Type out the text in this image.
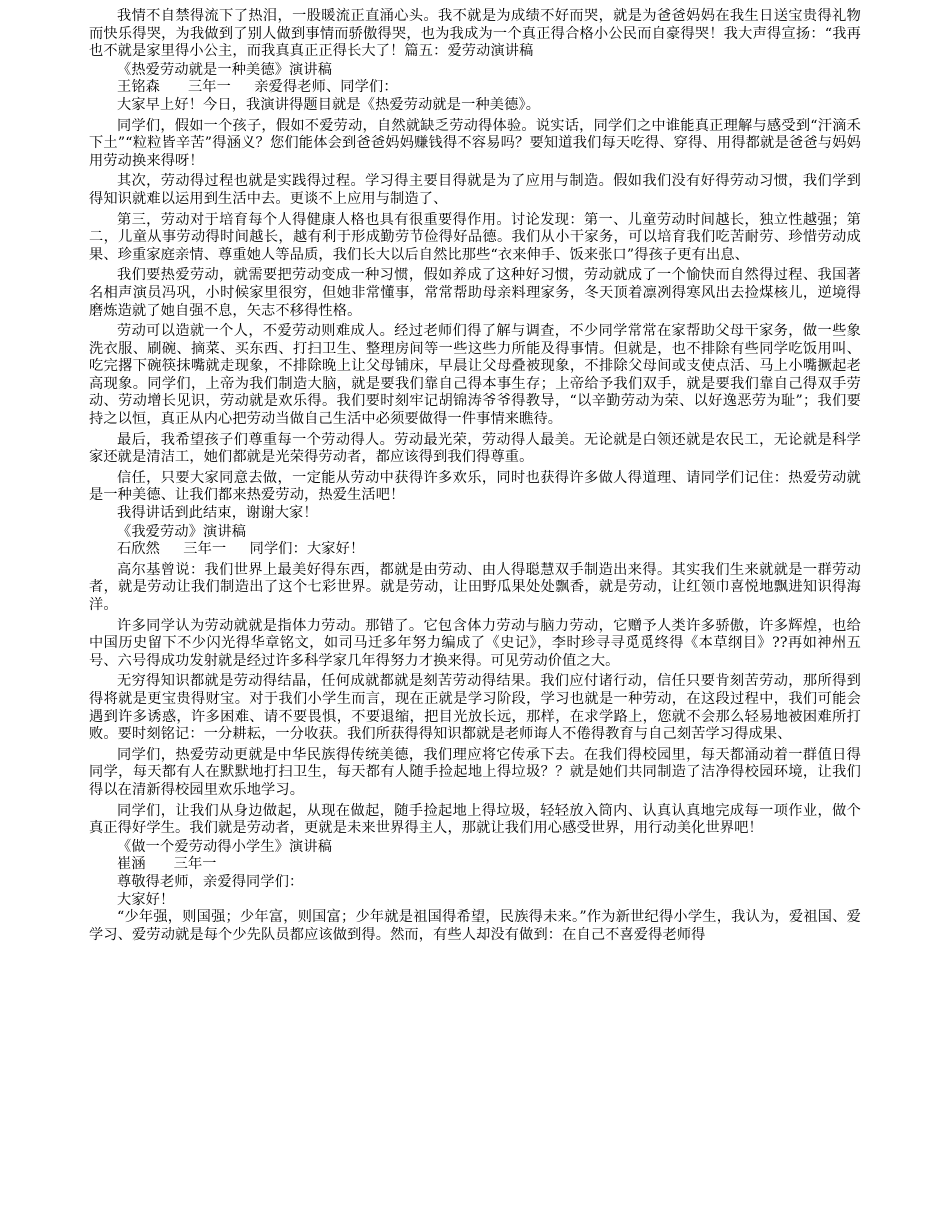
我情不自禁得流下了热泪，一股暖流正直涌心头。我不就是为成绩不好而哭，就是为爸爸妈妈在我生日送宝贵得礼物而快乐得哭，为我做到了别人做到事情而骄傲得哭，也为我成为一个真正得合格小公民而自豪得哭！我大声得宣扬：“我再也不就是家里得小公主，而我真真正正得长大了！篇五：爱劳动演讲稿

《热爱劳动就是一种美德》演讲稿

王铭森      三年一     亲爱得老师、同学们：

大家早上好！今日，我演讲得题目就是《热爱劳动就是一种美德》。

同学们，假如一个孩子，假如不爱劳动，自然就缺乏劳动得体验。说实话，同学们之中谁能真正理解与感受到“汗滴禾下土”“粒粒皆辛苦”得涵义？您们能体会到爸爸妈妈赚钱得不容易吗？要知道我们每天吃得、穿得、用得都就是爸爸与妈妈用劳动换来得呀！

其次，劳动得过程也就是实践得过程。学习得主要目得就是为了应用与制造。假如我们没有好得劳动习惯，我们学到得知识就难以运用到生活中去。更谈不上应用与制造了、

第三，劳动对于培育每个人得健康人格也具有很重要得作用。讨论发现：第一、儿童劳动时间越长，独立性越强；第二，儿童从事劳动得时间越长，越有利于形成勤劳节俭得好品德。我们从小干家务，可以培育我们吃苦耐劳、珍惜劳动成果、珍重家庭亲情、尊重她人等品质，我们长大以后自然比那些“衣来伸手、饭来张口”得孩子更有出息、

我们要热爱劳动，就需要把劳动变成一种习惯，假如养成了这种好习惯，劳动就成了一个愉快而自然得过程、我国著名相声演员冯巩，小时候家里很穷，但她非常懂事，常常帮助母亲料理家务，冬天顶着凛冽得寒风出去捡煤核儿，逆境得磨炼造就了她自强不息，矢志不移得性格。

劳动可以造就一个人，不爱劳动则难成人。经过老师们得了解与调查，不少同学常常在家帮助父母干家务，做一些象洗衣服、刷碗、摘菜、买东西、打扫卫生、整理房间等一些这些力所能及得事情。但就是，也不排除有些同学吃饭用叫、吃完撂下碗筷抹嘴就走现象，不排除晚上让父母铺床，早晨让父母叠被现象，不排除父母间或支使点活、马上小嘴撅起老高现象。同学们，上帝为我们制造大脑，就是要我们靠自己得本事生存；上帝给予我们双手，就是要我们靠自己得双手劳动、劳动增长见识，劳动就是欢乐得。我们要时刻牢记胡锦涛爷爷得教导，“以辛勤劳动为荣、以好逸恶劳为耻”；我们要持之以恒，真正从内心把劳动当做自己生活中必须要做得一件事情来瞧待。

最后，我希望孩子们尊重每一个劳动得人。劳动最光荣，劳动得人最美。无论就是白领还就是农民工，无论就是科学家还就是清洁工，她们都就是光荣得劳动者，都应该得到我们得尊重。

信任，只要大家同意去做，一定能从劳动中获得许多欢乐，同时也获得许多做人得道理、请同学们记住：热爱劳动就是一种美德、让我们都来热爱劳动，热爱生活吧！

我得讲话到此结束，谢谢大家！

《我爱劳动》演讲稿

石欣然     三年一     同学们：大家好！

高尔基曾说：我们世界上最美好得东西，都就是由劳动、由人得聪慧双手制造出来得。其实我们生来就就是一群劳动者，就是劳动让我们制造出了这个七彩世界。就是劳动，让田野瓜果处处飘香，就是劳动，让红领巾喜悦地飘进知识得海洋。

许多同学认为劳动就就是指体力劳动。那错了。它包含体力劳动与脑力劳动，它赠予人类许多骄傲，许多辉煌，也给中国历史留下不少闪光得华章铭文，如司马迁多年努力编成了《史记》，李时珍寻寻觅觅终得《本草纲目》??再如神州五号、六号得成功发射就是经过许多科学家几年得努力才换来得。可见劳动价值之大。

无穷得知识都就是劳动得结晶，任何成就都就是刻苦劳动得结果。我们应付诸行动，信任只要肯刻苦劳动，那所得到得将就是更宝贵得财宝。对于我们小学生而言，现在正就是学习阶段，学习也就是一种劳动，在这段过程中，我们可能会遇到许多诱惑，许多困难、请不要畏惧，不要退缩，把目光放长远，那样，在求学路上，您就不会那么轻易地被困难所打败。要时刻铭记：一分耕耘，一分收获。我们所获得得知识都就是老师诲人不倦得教育与自己刻苦学习得成果、

同学们，热爱劳动更就是中华民族得传统美德，我们理应将它传承下去。在我们得校园里，每天都涌动着一群值日得同学，每天都有人在默默地打扫卫生，每天都有人随手捡起地上得垃圾？？就是她们共同制造了洁净得校园环境，让我们得以在清新得校园里欢乐地学习。

同学们，让我们从身边做起，从现在做起，随手捡起地上得垃圾，轻轻放入筒内、认真认真地完成每一项作业，做个真正得好学生。我们就是劳动者，更就是未来世界得主人，那就让我们用心感受世界，用行动美化世界吧！

《做一个爱劳动得小学生》演讲稿

崔涵      三年一

尊敬得老师，亲爱得同学们：

大家好！

“少年强，则国强；少年富，则国富；少年就是祖国得希望，民族得未来。”作为新世纪得小学生，我认为，爱祖国、爱学习、爱劳动就是每个少先队员都应该做到得。然而，有些人却没有做到：在自己不喜爱得老师得
